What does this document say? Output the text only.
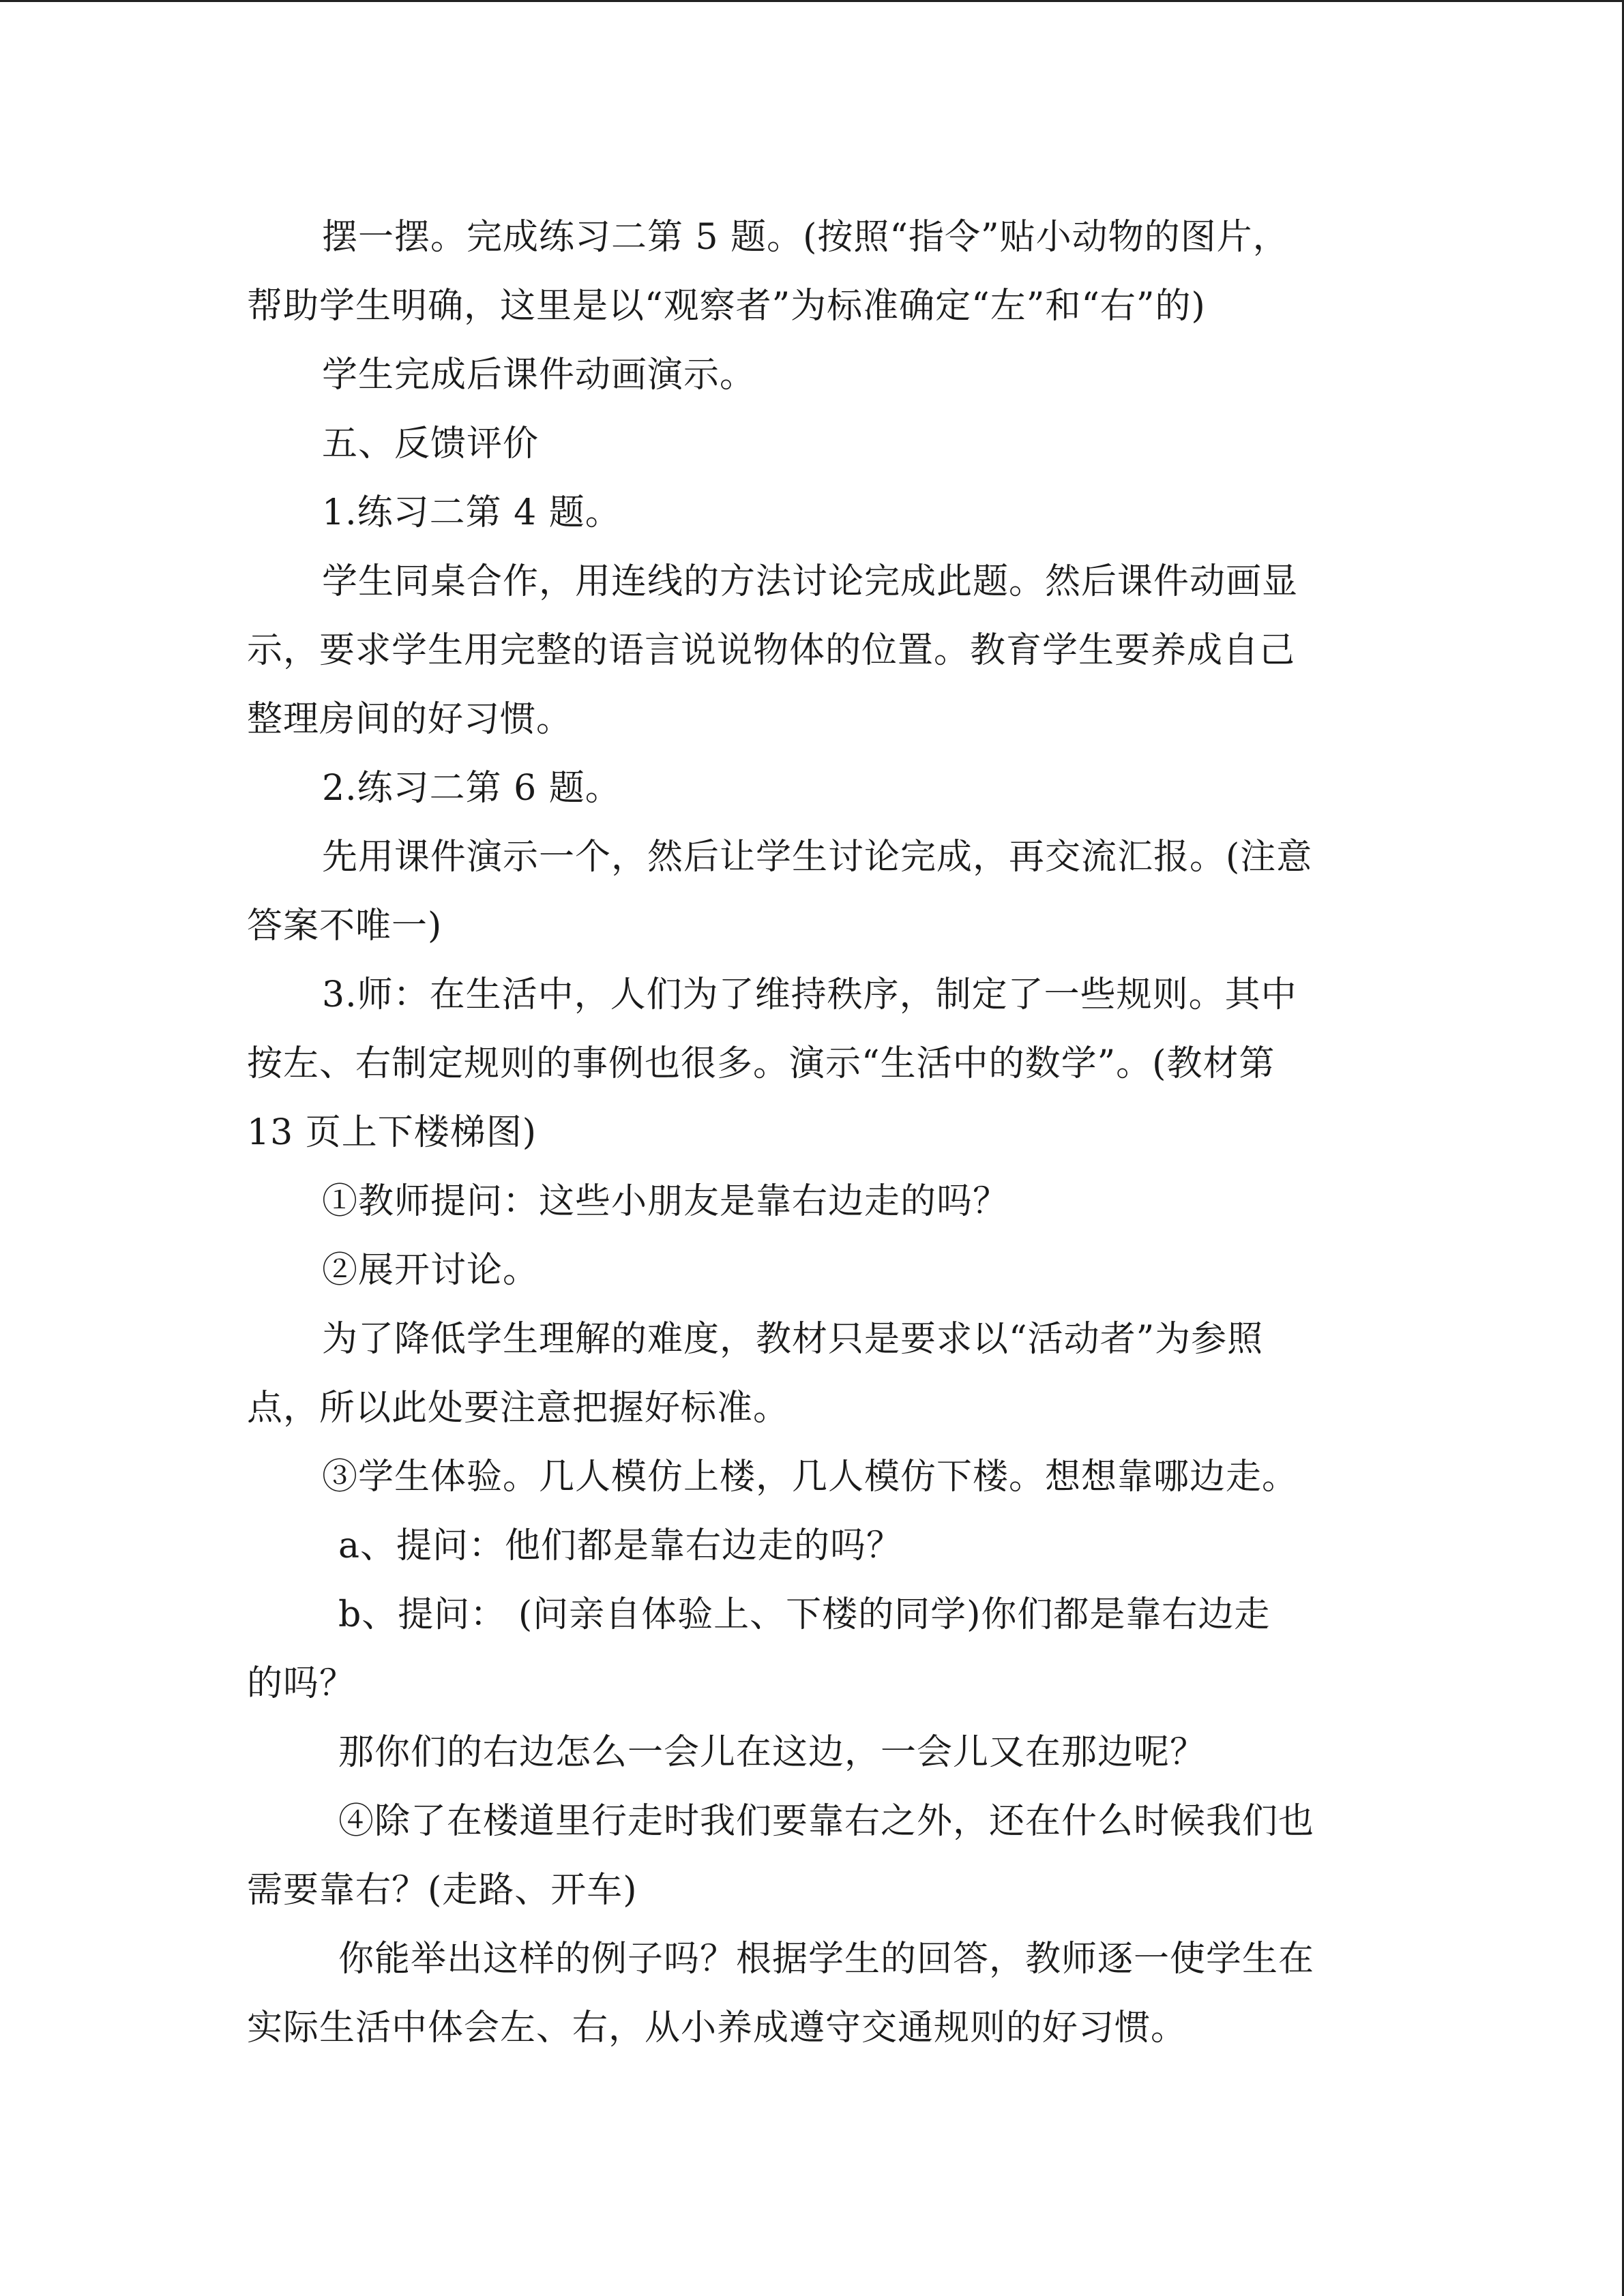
摆一摆。完成练习二第 5 题。(按照“指令”贴小动物的图片，
帮助学生明确，这里是以“观察者”为标准确定“左”和“右”的)
学生完成后课件动画演示。
五、反馈评价
1.练习二第 4 题。
学生同桌合作，用连线的方法讨论完成此题。然后课件动画显
示，要求学生用完整的语言说说物体的位置。教育学生要养成自己
整理房间的好习惯。
2.练习二第 6 题。
先用课件演示一个，然后让学生讨论完成，再交流汇报。(注意
答案不唯一)
3.师：在生活中，人们为了维持秩序，制定了一些规则。其中
按左、右制定规则的事例也很多。演示“生活中的数学”。(教材第
13 页上下楼梯图)
①教师提问：这些小朋友是靠右边走的吗？
②展开讨论。
为了降低学生理解的难度，教材只是要求以“活动者”为参照
点，所以此处要注意把握好标准。
③学生体验。几人模仿上楼，几人模仿下楼。想想靠哪边走。
a、提问：他们都是靠右边走的吗？
b、提问： (问亲自体验上、下楼的同学)你们都是靠右边走
的吗？
那你们的右边怎么一会儿在这边，一会儿又在那边呢？
④除了在楼道里行走时我们要靠右之外，还在什么时候我们也
需要靠右？(走路、开车)
你能举出这样的例子吗？根据学生的回答，教师逐一使学生在
实际生活中体会左、右，从小养成遵守交通规则的好习惯。
